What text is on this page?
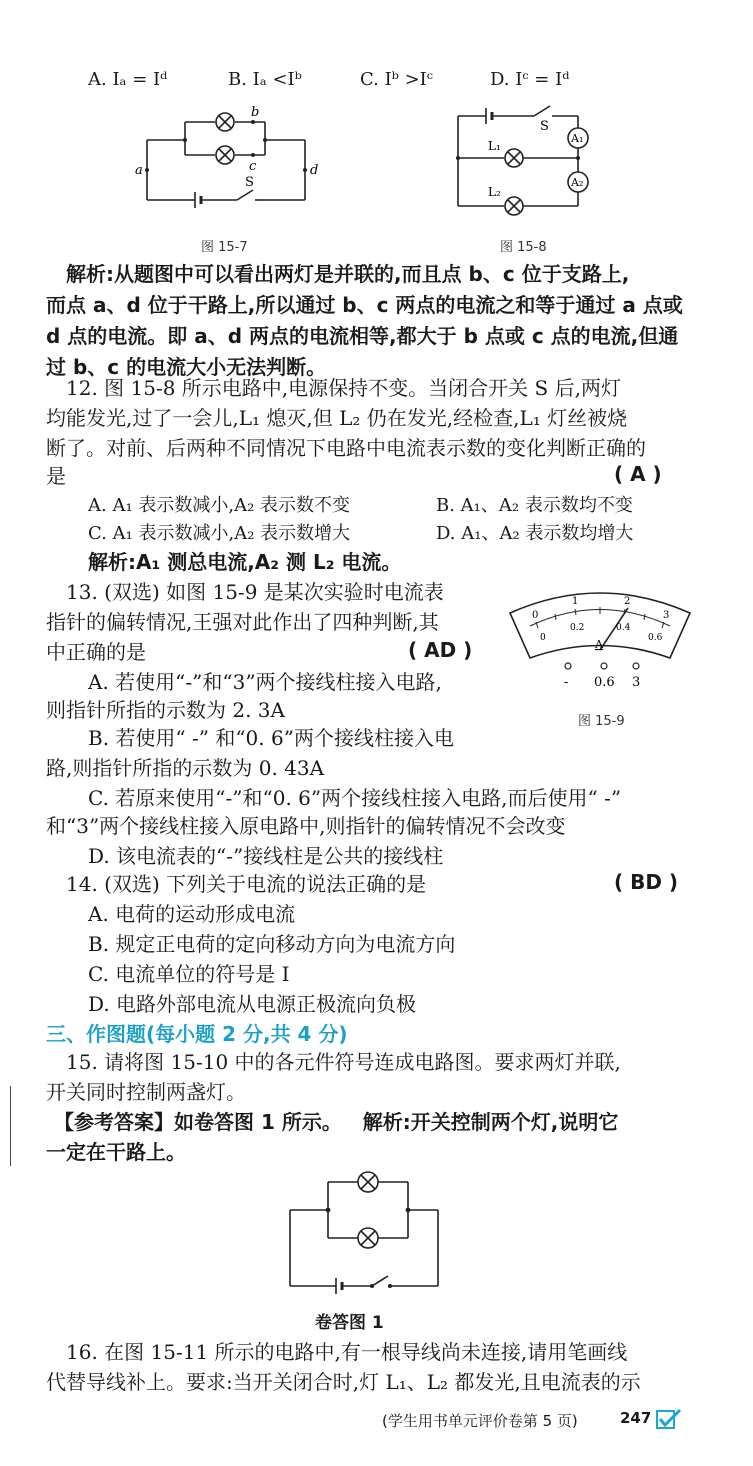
A. Iₐ = Iᵈ	B. Iₐ <Iᵇ	C. Iᵇ >Iᶜ	D. Iᶜ = Iᵈ
a
b
c	d
S
图 15-7
S
L₁
L₂
A₁
A₂
图 15-8
解析:从题图中可以看出两灯是并联的,而且点 b、c 位于支路上,
而点 a、d 位于干路上,所以通过 b、c 两点的电流之和等于通过 a 点或
d 点的电流。即 a、d 两点的电流相等,都大于 b 点或 c 点的电流,但通
过 b、c 的电流大小无法判断。
12. 图 15-8 所示电路中,电源保持不变。当闭合开关 S 后,两灯
均能发光,过了一会儿,L₁ 熄灭,但 L₂ 仍在发光,经检查,L₁ 灯丝被烧
断了。对前、后两种不同情况下电路中电流表示数的变化判断正确的
是	( A )
A. A₁ 表示数减小,A₂ 表示数不变	B. A₁、A₂ 表示数均不变
C. A₁ 表示数减小,A₂ 表示数增大	D. A₁、A₂ 表示数均增大
解析:A₁ 测总电流,A₂ 测 L₂ 电流。
13. (双选) 如图 15-9 是某次实验时电流表
指针的偏转情况,王强对此作出了四种判断,其
中正确的是	( AD )
A. 若使用“-”和“3”两个接线柱接入电路,
则指针所指的示数为 2. 3A
B. 若使用“ -” 和“0. 6”两个接线柱接入电
路,则指针所指的示数为 0. 43A
C. 若原来使用“-”和“0. 6”两个接线柱接入电路,而后使用“ -”
和“3”两个接线柱接入原电路中,则指针的偏转情况不会改变
D. 该电流表的“-”接线柱是公共的接线柱
0
1	2
3
0
0.2	0.4
0.6
A
- 0.6 3
图 15-9
14. (双选) 下列关于电流的说法正确的是	( BD )
A. 电荷的运动形成电流
B. 规定正电荷的定向移动方向为电流方向
C. 电流单位的符号是 I
D. 电路外部电流从电源正极流向负极
三、作图题(每小题 2 分,共 4 分)
15. 请将图 15-10 中的各元件符号连成电路图。要求两灯并联,
开关同时控制两盏灯。
【参考答案】如卷答图 1 所示。   解析:开关控制两个灯,说明它
一定在干路上。
卷答图 1
16. 在图 15-11 所示的电路中,有一根导线尚未连接,请用笔画线
代替导线补上。要求:当开关闭合时,灯 L₁、L₂ 都发光,且电流表的示
(学生用书单元评价卷第 5 页)	247
